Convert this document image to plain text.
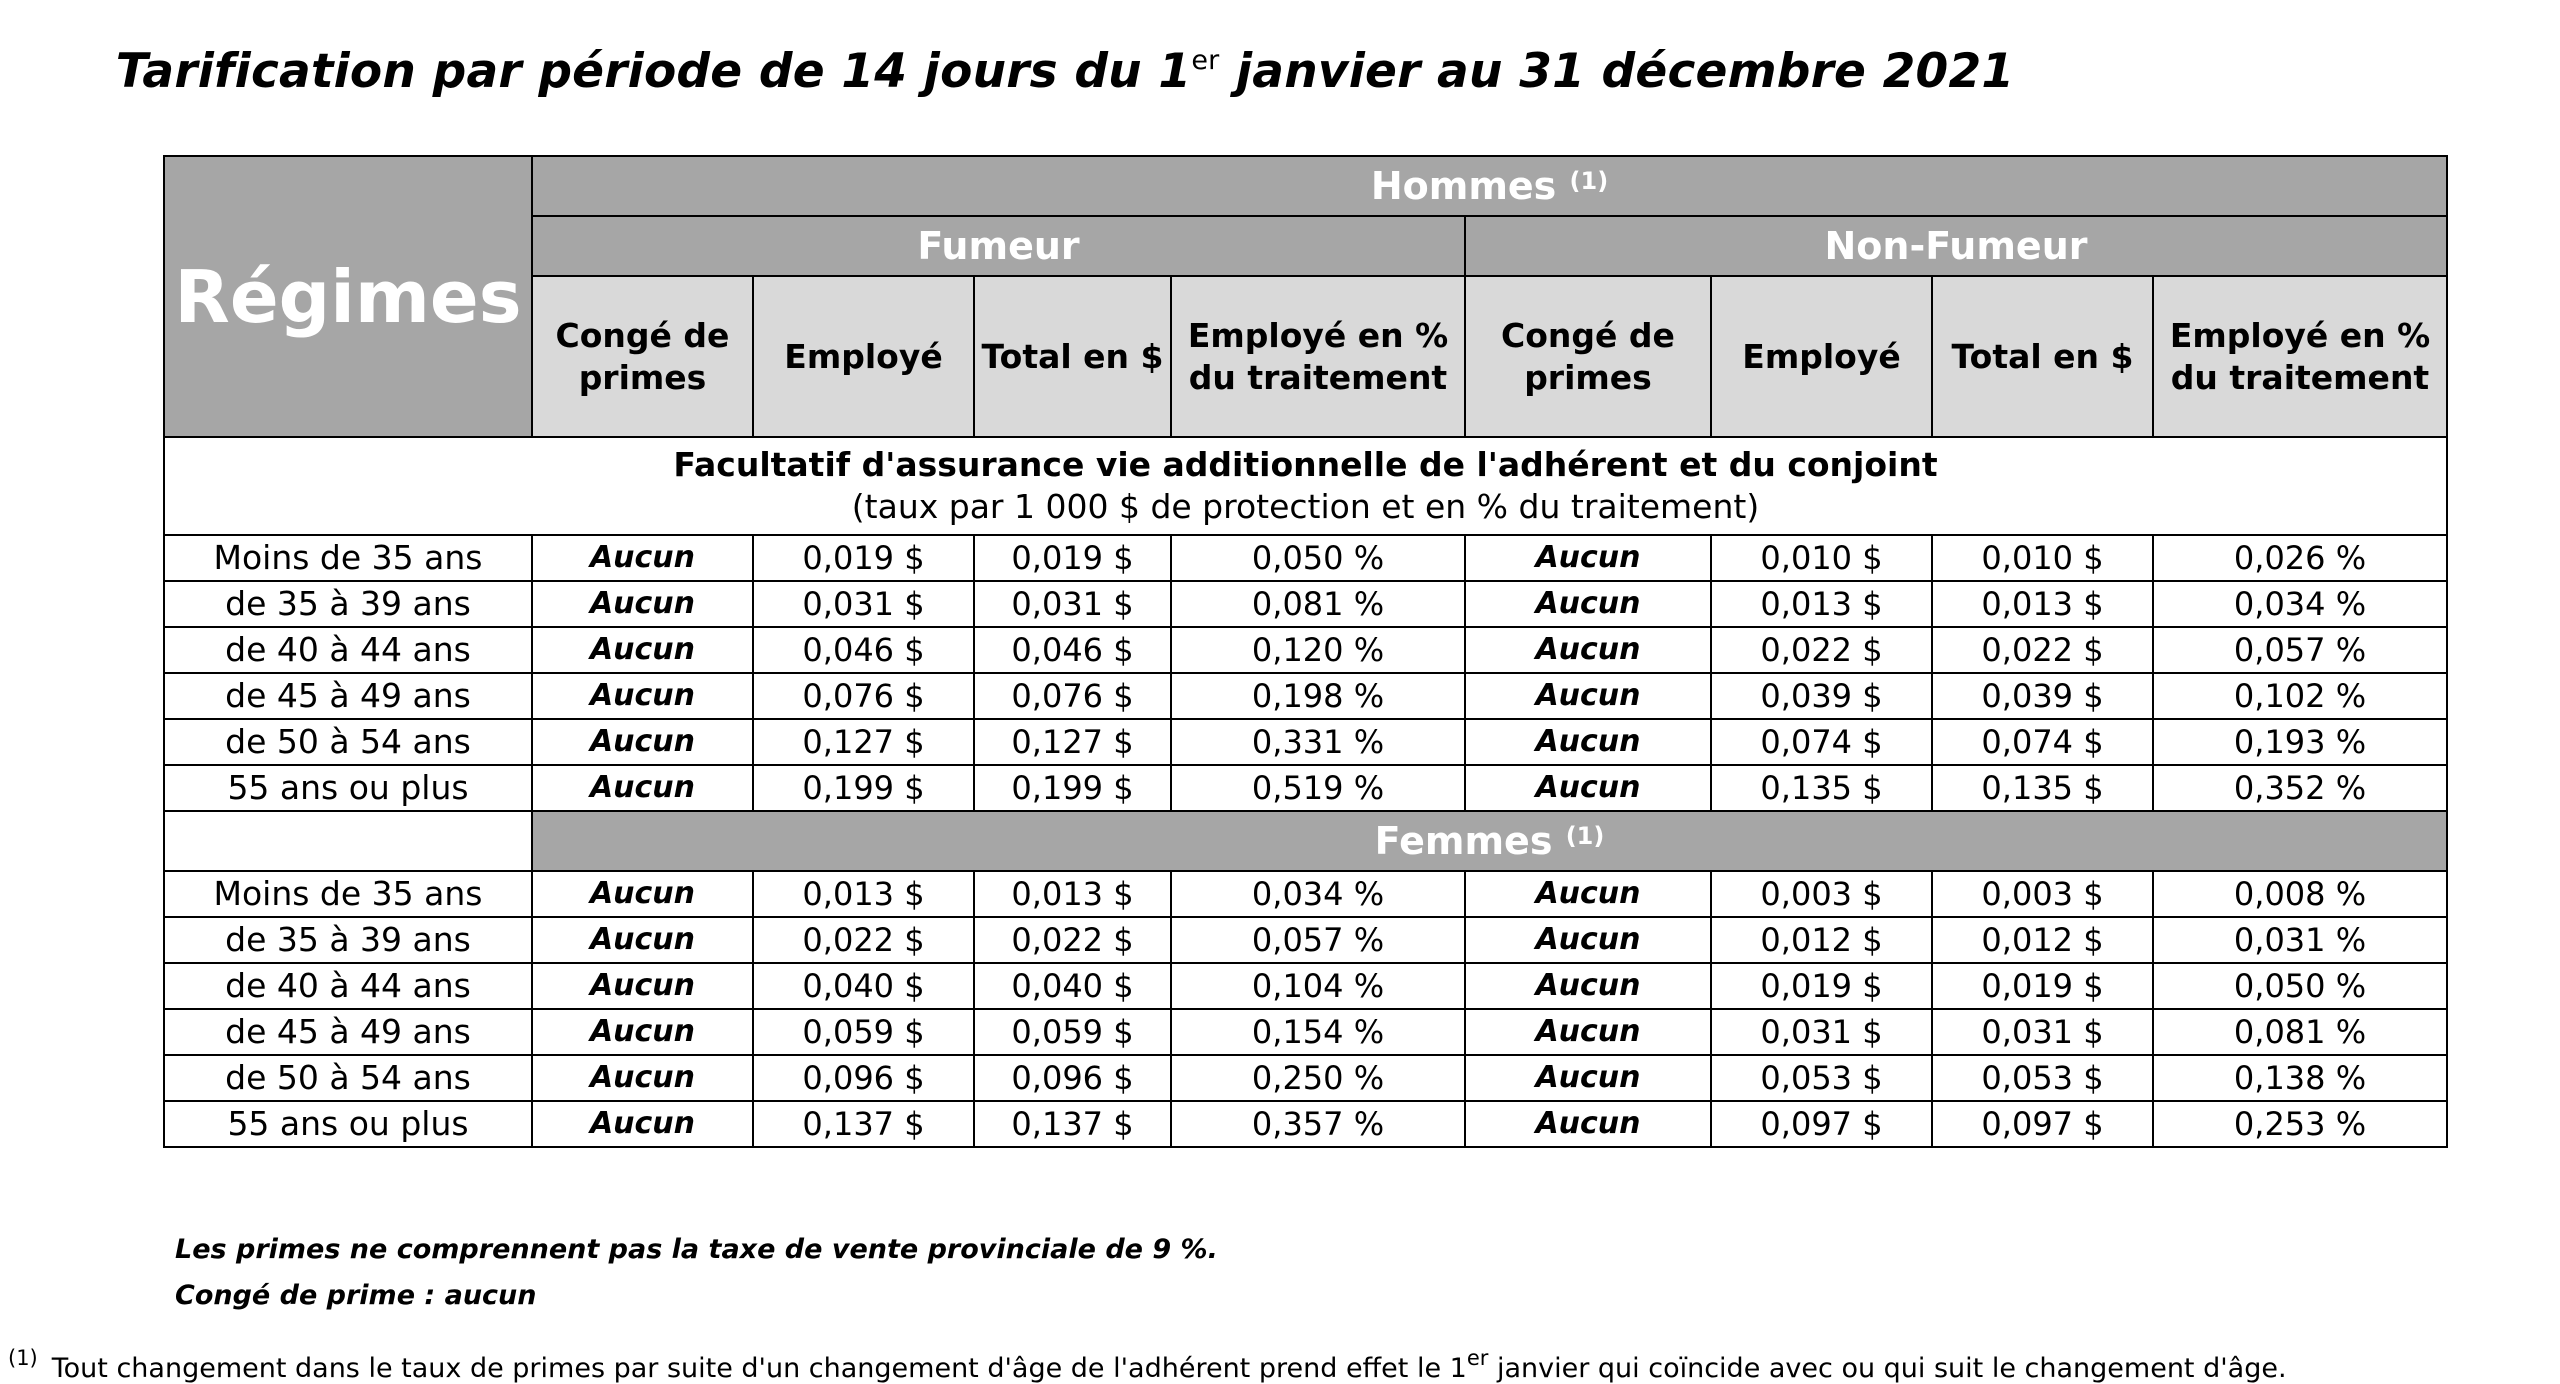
Tarification par période de 14 jours du 1er janvier au 31 décembre 2021
Régimes	Hommes $^{(1)}$
	Fumeur				Non-Fumeur			
	Congé de primes	Employé	Total en $	Employé en % du traitement	Congé de primes	Employé	Total en $	Employé en % du traitement

Facultatif d'assurance vie additionnelle de l'adhérent et du conjoint
(taux par 1 000 $ de protection et en % du traitement)								

Moins de 35 ans	Aucun	0,019 $	0,019 $	0,050 %	Aucun	0,010 $	0,010 $	0,026 %
de 35 à 39 ans	Aucun	0,031 $	0,031 $	0,081 %	Aucun	0,013 $	0,013 $	0,034 %
de 40 à 44 ans	Aucun	0,046 $	0,046 $	0,120 %	Aucun	0,022 $	0,022 $	0,057 %
de 45 à 49 ans	Aucun	0,076 $	0,076 $	0,198 %	Aucun	0,039 $	0,039 $	0,102 %
de 50 à 54 ans	Aucun	0,127 $	0,127 $	0,331 %	Aucun	0,074 $	0,074 $	0,193 %
55 ans ou plus	Aucun	0,199 $	0,199 $	0,519 %	Aucun	0,135 $	0,135 $	0,352 %
	Femmes $^{(1)}$
Moins de 35 ans	Aucun	0,013 $	0,013 $	0,034 %	Aucun	0,003 $	0,003 $	0,008 %
de 35 à 39 ans	Aucun	0,022 $	0,022 $	0,057 %	Aucun	0,012 $	0,012 $	0,031 %
de 40 à 44 ans	Aucun	0,040 $	0,040 $	0,104 %	Aucun	0,019 $	0,019 $	0,050 %
de 45 à 49 ans	Aucun	0,059 $	0,059 $	0,154 %	Aucun	0,031 $	0,031 $	0,081 %
de 50 à 54 ans	Aucun	0,096 $	0,096 $	0,250 %	Aucun	0,053 $	0,053 $	0,138 %
55 ans ou plus	Aucun	0,137 $	0,137 $	0,357 %	Aucun	0,097 $	0,097 $	0,253 %
Les primes ne comprennent pas la taxe de vente provinciale de 9 %.
Congé de prime : aucun
$^{(1)}$ Tout changement dans le taux de primes par suite d'un changement d'âge de l'adhérent prend effet le 1er janvier qui coïncide avec ou qui suit le changement d'âge.
